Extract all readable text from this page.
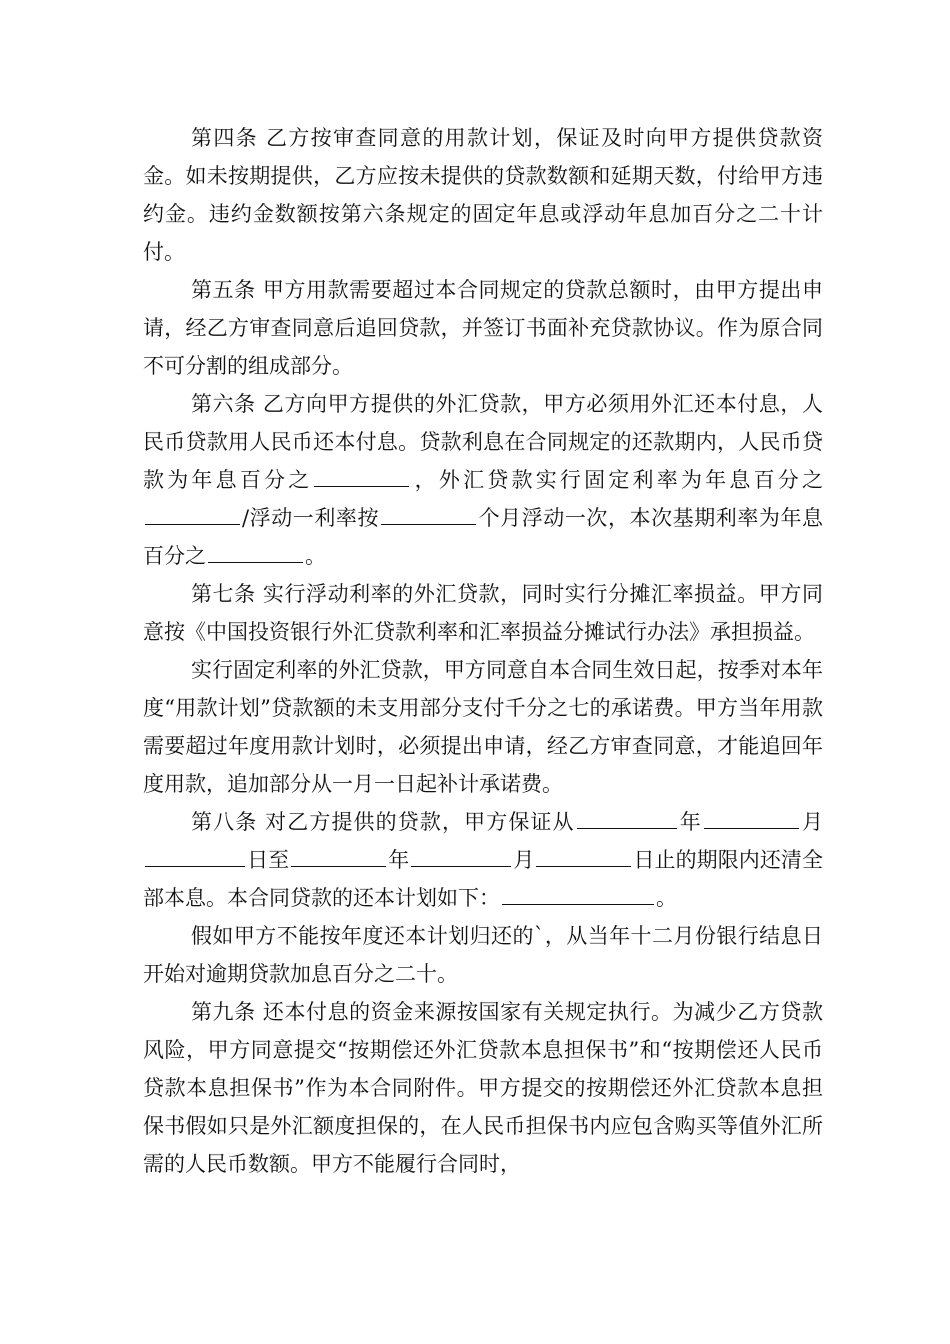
第四条 乙方按审查同意的用款计划，保证及时向甲方提供贷款资金。如未按期提供，乙方应按未提供的贷款数额和延期天数，付给甲方违约金。违约金数额按第六条规定的固定年息或浮动年息加百分之二十计付。

第五条 甲方用款需要超过本合同规定的贷款总额时，由甲方提出申请，经乙方审查同意后追回贷款，并签订书面补充贷款协议。作为原合同不可分割的组成部分。

第六条 乙方向甲方提供的外汇贷款，甲方必须用外汇还本付息，人民币贷款用人民币还本付息。贷款利息在合同规定的还款期内，人民币贷款为年息百分之	，外汇贷款实行固定利率为年息百分之/浮动一利率按	个月浮动一次，本次基期利率为年息百分之	。

第七条 实行浮动利率的外汇贷款，同时实行分摊汇率损益。甲方同意按《中国投资银行外汇贷款利率和汇率损益分摊试行办法》承担损益。

实行固定利率的外汇贷款，甲方同意自本合同生效日起，按季对本年度“用款计划”贷款额的未支用部分支付千分之七的承诺费。甲方当年用款需要超过年度用款计划时，必须提出申请，经乙方审查同意，才能追回年度用款，追加部分从一月一日起补计承诺费。

第八条 对乙方提供的贷款，甲方保证从	年	月日至	年	月	日止的期限内还清全部本息。本合同贷款的还本计划如下：	。

假如甲方不能按年度还本计划归还的`，从当年十二月份银行结息日开始对逾期贷款加息百分之二十。

第九条 还本付息的资金来源按国家有关规定执行。为减少乙方贷款风险，甲方同意提交“按期偿还外汇贷款本息担保书”和“按期偿还人民币贷款本息担保书”作为本合同附件。甲方提交的按期偿还外汇贷款本息担保书假如只是外汇额度担保的，在人民币担保书内应包含购买等值外汇所需的人民币数额。甲方不能履行合同时，
